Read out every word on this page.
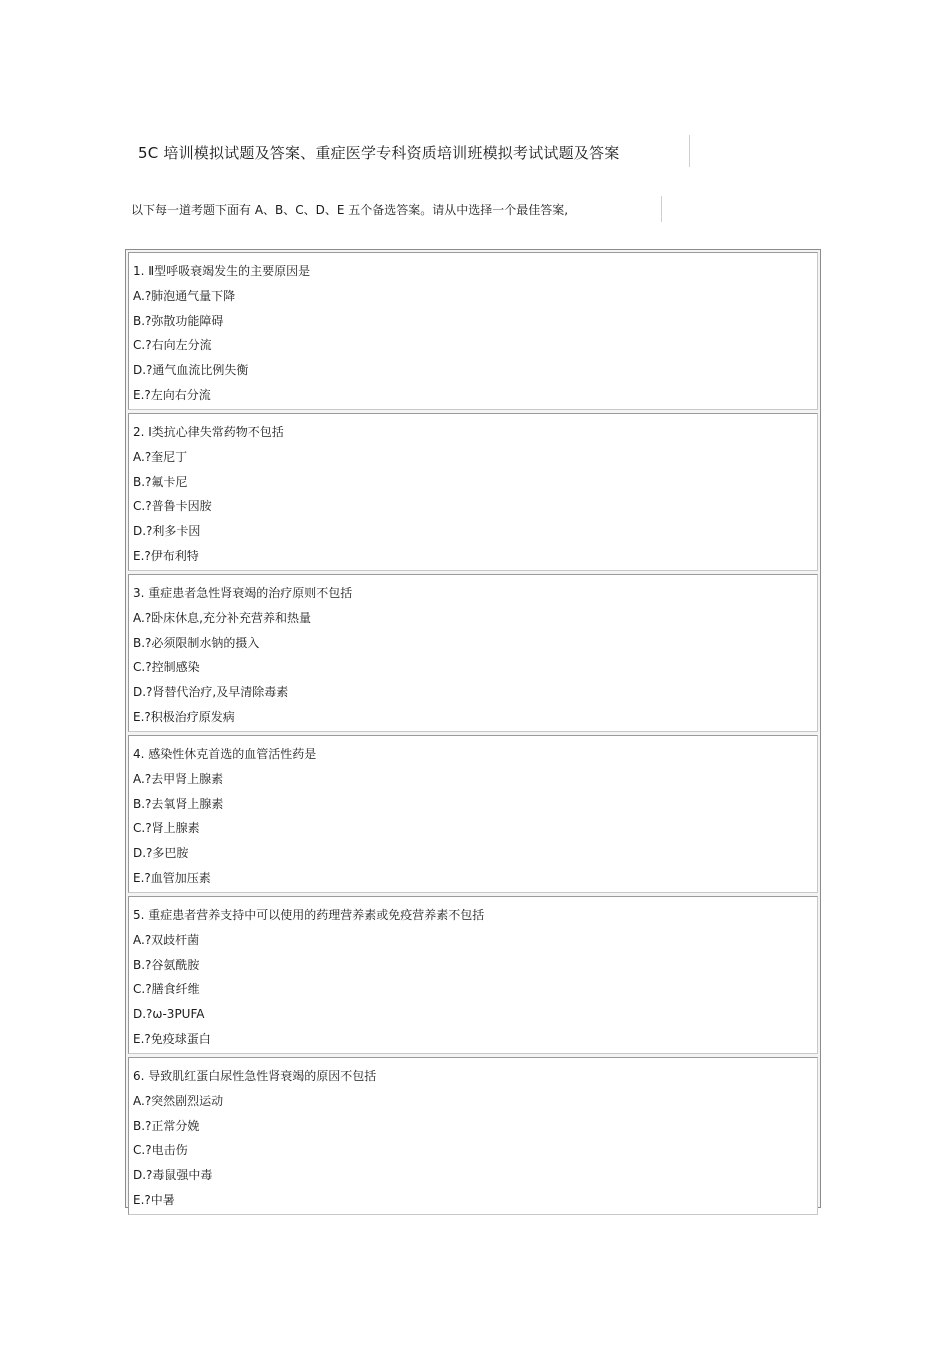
5C 培训模拟试题及答案、重症医学专科资质培训班模拟考试试题及答案
以下每一道考题下面有 A、B、C、D、E 五个备选答案。请从中选择一个最佳答案,
1. Ⅱ型呼吸衰竭发生的主要原因是
A.?肺泡通气量下降
B.?弥散功能障碍
C.?右向左分流
D.?通气血流比例失衡
E.?左向右分流
2. Ⅰ类抗心律失常药物不包括
A.?奎尼丁
B.?氟卡尼
C.?普鲁卡因胺
D.?利多卡因
E.?伊布利特
3. 重症患者急性肾衰竭的治疗原则不包括
A.?卧床休息,充分补充营养和热量
B.?必须限制水钠的摄入
C.?控制感染
D.?肾替代治疗,及早清除毒素
E.?积极治疗原发病
4. 感染性休克首选的血管活性药是
A.?去甲肾上腺素
B.?去氧肾上腺素
C.?肾上腺素
D.?多巴胺
E.?血管加压素
5. 重症患者营养支持中可以使用的药理营养素或免疫营养素不包括
A.?双歧杆菌
B.?谷氨酰胺
C.?膳食纤维
D.?ω-3PUFA
E.?免疫球蛋白
6. 导致肌红蛋白尿性急性肾衰竭的原因不包括
A.?突然剧烈运动
B.?正常分娩
C.?电击伤
D.?毒鼠强中毒
E.?中暑
